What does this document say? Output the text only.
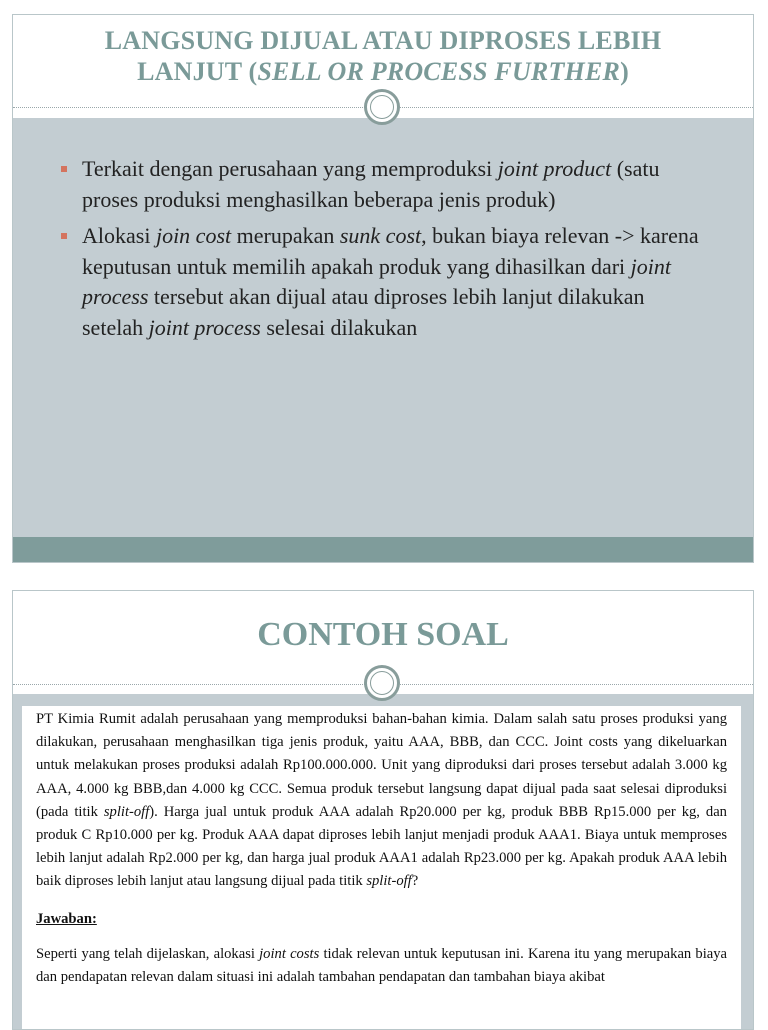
LANGSUNG DIJUAL ATAU DIPROSES LEBIH
LANJUT (SELL OR PROCESS FURTHER)
Terkait dengan perusahaan yang memproduksi joint product (satu proses produksi menghasilkan beberapa jenis produk)
Alokasi join cost merupakan sunk cost, bukan biaya relevan -> karena keputusan untuk memilih apakah produk yang dihasilkan dari joint process tersebut akan dijual atau diproses lebih lanjut dilakukan setelah joint process selesai dilakukan
CONTOH SOAL

PT Kimia Rumit adalah perusahaan yang memproduksi bahan-bahan kimia. Dalam salah satu proses produksi yang dilakukan, perusahaan menghasilkan tiga jenis produk, yaitu AAA, BBB, dan CCC. Joint costs yang dikeluarkan untuk melakukan proses produksi adalah Rp100.000.000. Unit yang diproduksi dari proses tersebut adalah 3.000 kg AAA, 4.000 kg BBB,dan 4.000 kg CCC. Semua produk tersebut langsung dapat dijual pada saat selesai diproduksi (pada titik split-off). Harga jual untuk produk AAA adalah Rp20.000 per kg, produk BBB Rp15.000 per kg, dan produk C Rp10.000 per kg. Produk AAA dapat diproses lebih lanjut menjadi produk AAA1. Biaya untuk memproses lebih lanjut adalah Rp2.000 per kg, dan harga jual produk AAA1 adalah Rp23.000 per kg. Apakah produk AAA lebih baik diproses lebih lanjut atau langsung dijual pada titik split-off?

Jawaban:

Seperti yang telah dijelaskan, alokasi joint costs tidak relevan untuk keputusan ini. Karena itu yang merupakan biaya dan pendapatan relevan dalam situasi ini adalah tambahan pendapatan dan tambahan biaya akibat
